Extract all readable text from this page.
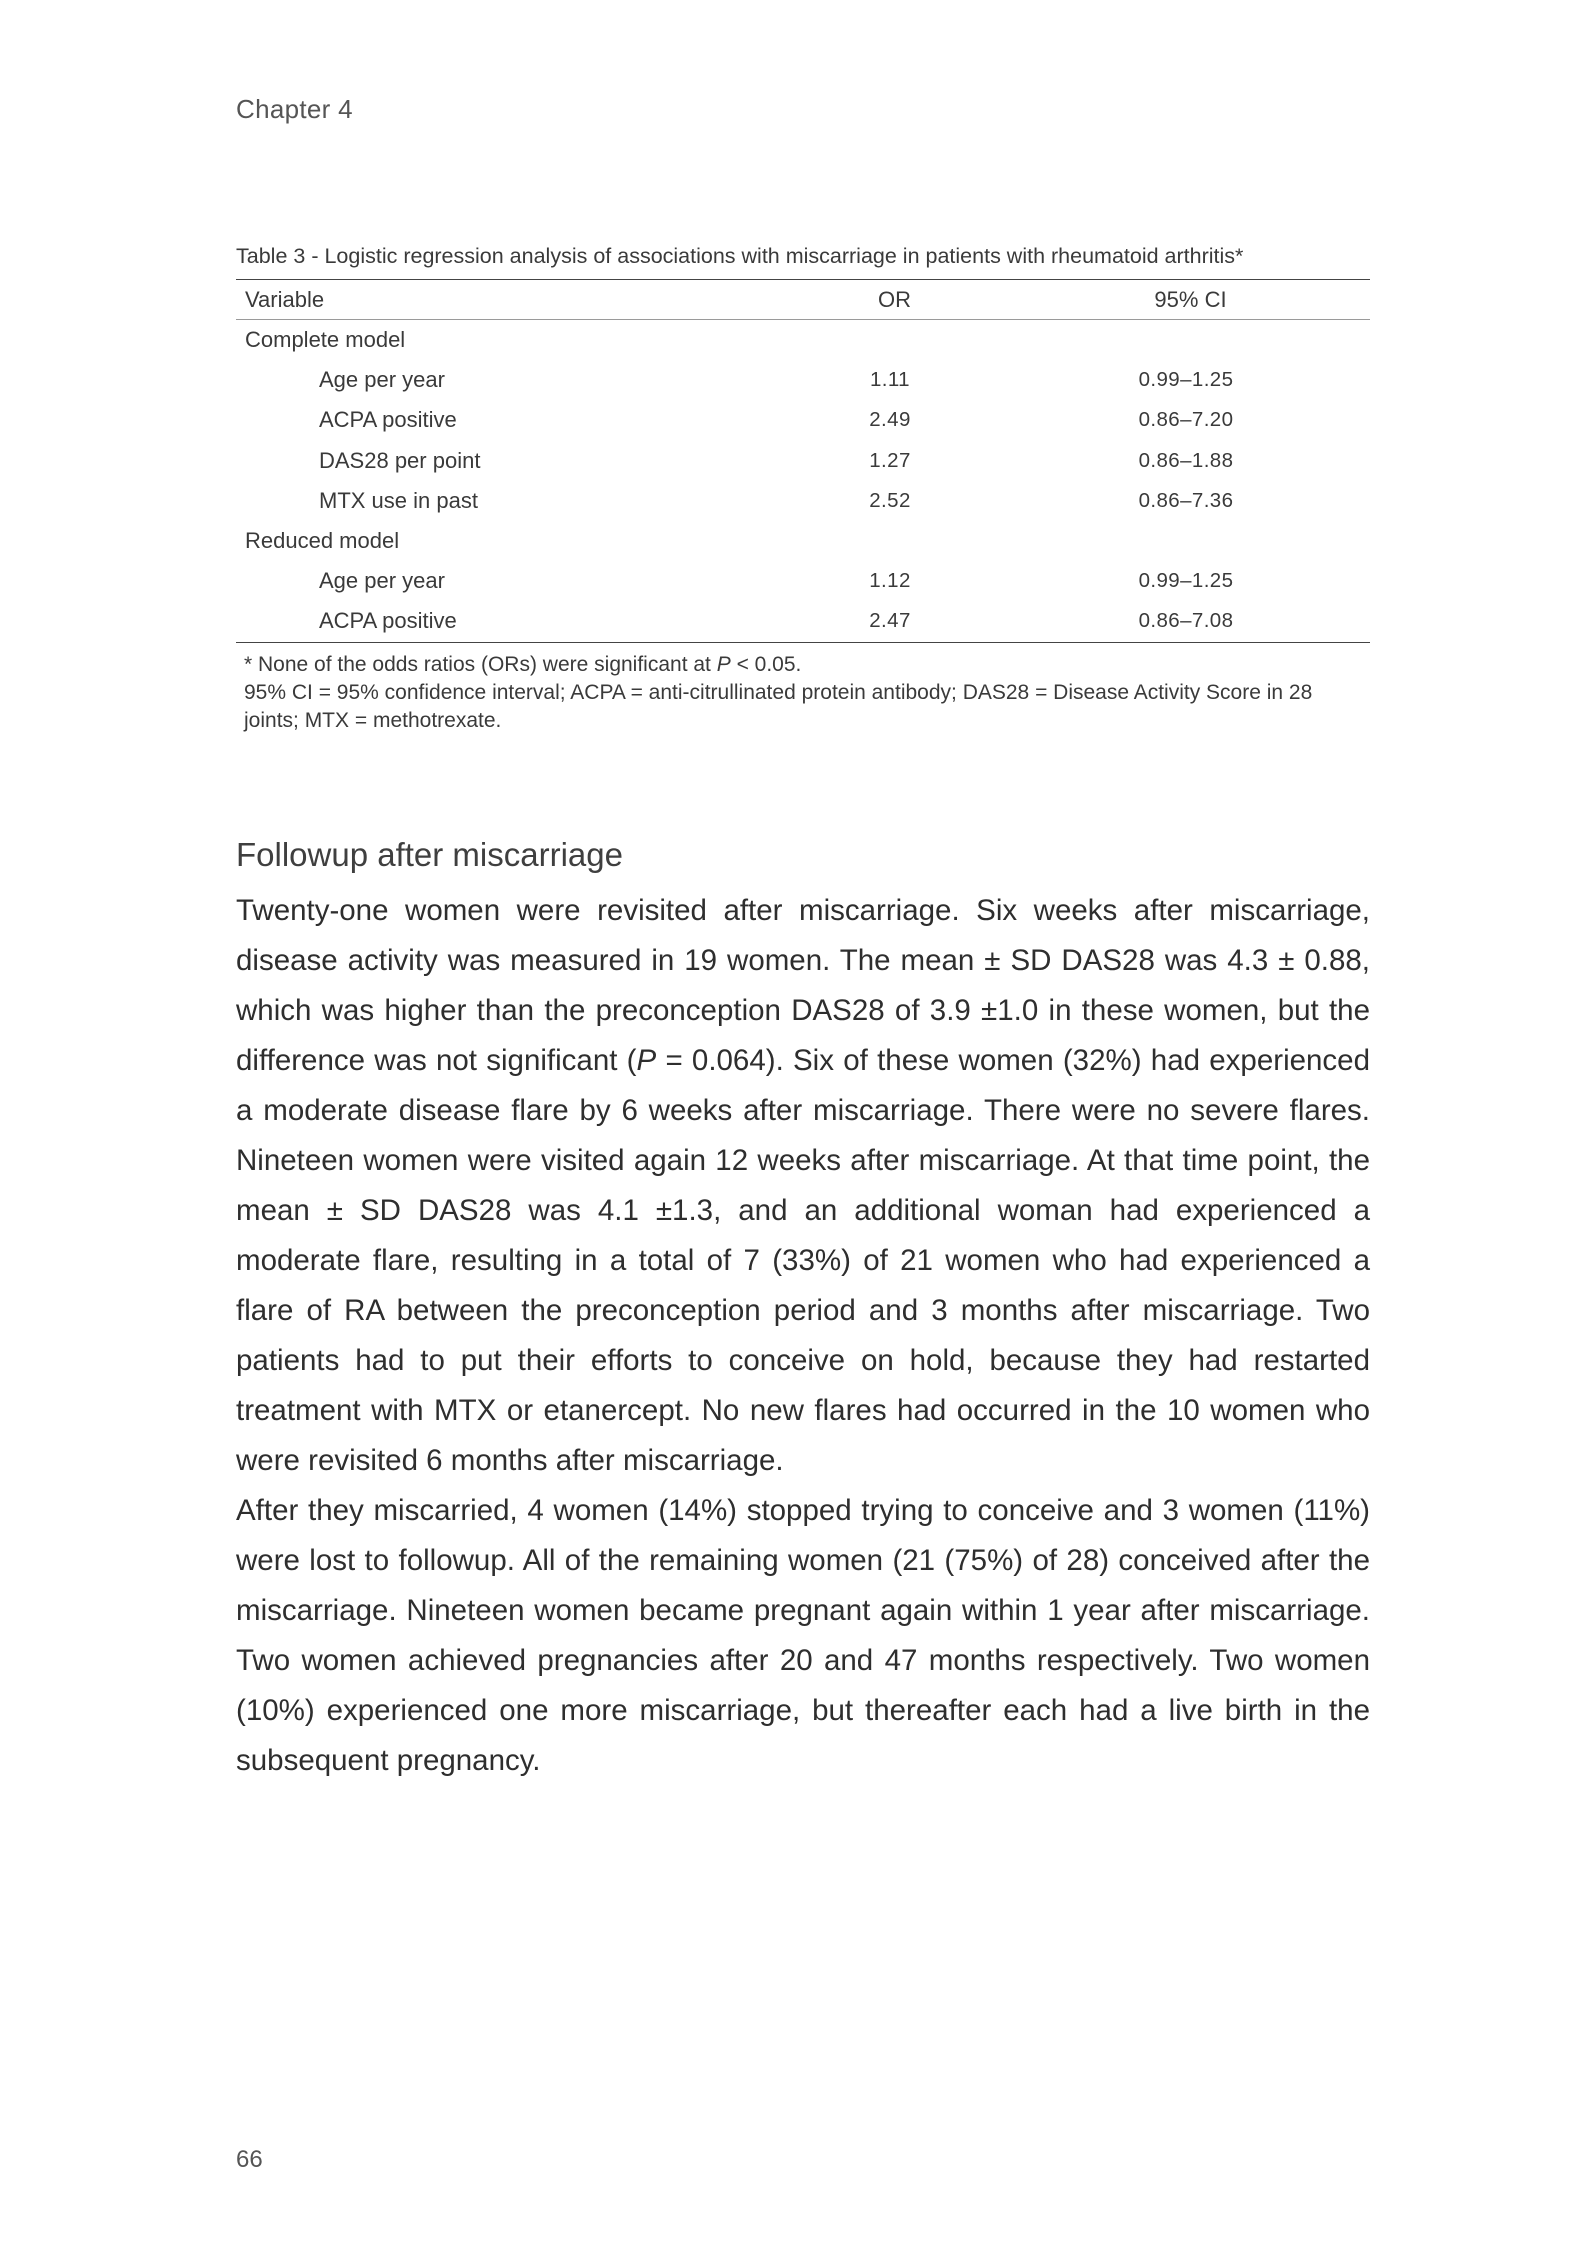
Chapter 4

Table 3 - Logistic regression analysis of associations with miscarriage in patients with rheumatoid arthritis*

Variable	OR	95% CI
Complete model		
Age per year	1.11	0.99–1.25
ACPA positive	2.49	0.86–7.20
DAS28 per point	1.27	0.86–1.88
MTX use in past	2.52	0.86–7.36
Reduced model		
Age per year	1.12	0.99–1.25
ACPA positive	2.47	0.86–7.08

* None of the odds ratios (ORs) were significant at P < 0.05.

95% CI = 95% confidence interval; ACPA = anti-citrullinated protein antibody; DAS28 = Disease Activity Score in 28 joints; MTX = methotrexate.

Followup after miscarriage

Twenty-one women were revisited after miscarriage. Six weeks after miscarriage, disease activity was measured in 19 women. The mean ± SD DAS28 was 4.3 ± 0.88, which was higher than the preconception DAS28 of 3.9 ±1.0 in these women, but the difference was not significant (P = 0.064). Six of these women (32%) had experienced a moderate disease flare by 6 weeks after miscarriage. There were no severe flares. Nineteen women were visited again 12 weeks after miscarriage. At that time point, the mean ± SD DAS28 was 4.1 ±1.3, and an additional woman had experienced a moderate flare, resulting in a total of 7 (33%) of 21 women who had experienced a flare of RA between the preconception period and 3 months after miscarriage. Two patients had to put their efforts to conceive on hold, because they had restarted treatment with MTX or etanercept. No new flares had occurred in the 10 women who were revisited 6 months after miscarriage.

After they miscarried, 4 women (14%) stopped trying to conceive and 3 women (11%) were lost to followup. All of the remaining women (21 (75%) of 28) conceived after the miscarriage. Nineteen women became pregnant again within 1 year after miscarriage. Two women achieved pregnancies after 20 and 47 months respectively. Two women (10%) experienced one more miscarriage, but thereafter each had a live birth in the subsequent pregnancy.

66
